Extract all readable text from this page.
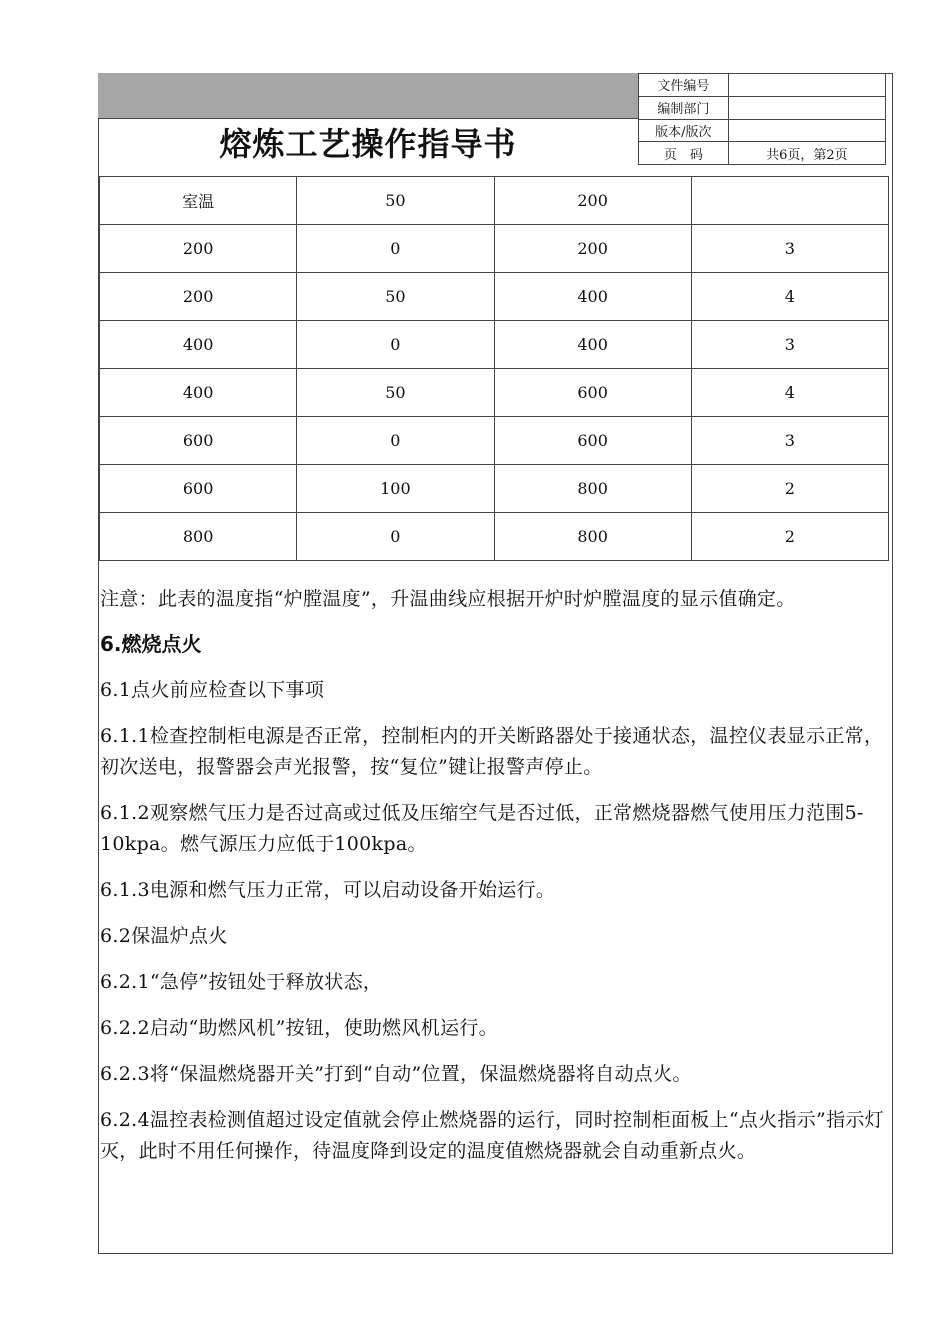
熔炼工艺操作指导书
文件编号	
编制部门	
版本/版次	
页　码	共6页，第2页
室温	50	200	
200	0	200	3
200	50	400	4
400	0	400	3
400	50	600	4
600	0	600	3
600	100	800	2
800	0	800	2

注意：此表的温度指“炉膛温度”，升温曲线应根据开炉时炉膛温度的显示值确定。

6.燃烧点火

6.1点火前应检查以下事项

6.1.1检查控制柜电源是否正常，控制柜内的开关断路器处于接通状态，温控仪表显示正常，初次送电，报警器会声光报警，按“复位”键让报警声停止。

6.1.2观察燃气压力是否过高或过低及压缩空气是否过低，正常燃烧器燃气使用压力范围5-10kpa。燃气源压力应低于100kpa。

6.1.3电源和燃气压力正常，可以启动设备开始运行。

6.2保温炉点火

6.2.1“急停”按钮处于释放状态，

6.2.2启动“助燃风机”按钮，使助燃风机运行。

6.2.3将“保温燃烧器开关”打到“自动”位置，保温燃烧器将自动点火。

6.2.4温控表检测值超过设定值就会停止燃烧器的运行，同时控制柜面板上“点火指示”指示灯灭，此时不用任何操作，待温度降到设定的温度值燃烧器就会自动重新点火。
